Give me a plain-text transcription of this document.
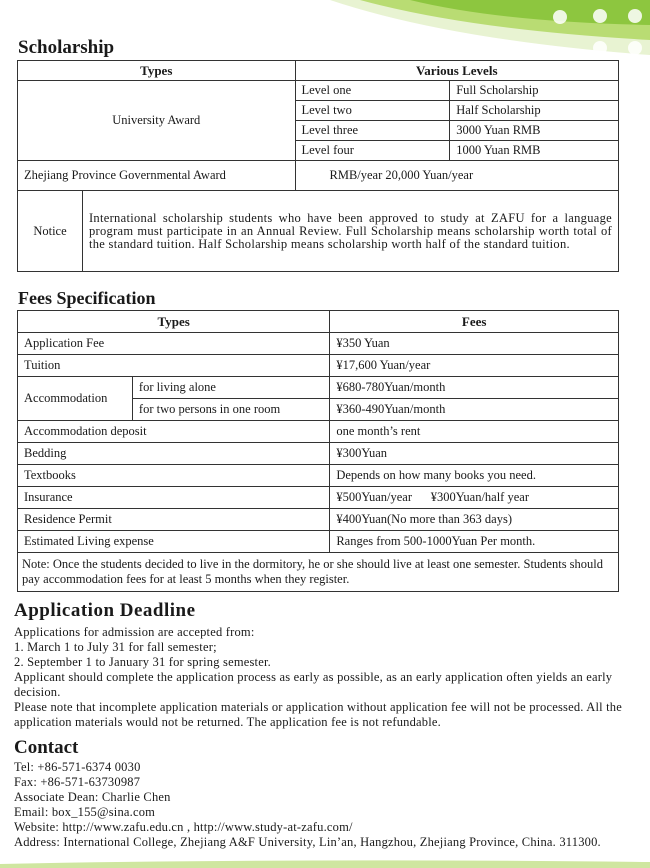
Scholarship
Types		Various Levels	
University Award		Level one	Full Scholarship
		Level two	Half Scholarship
		Level three	3000 Yuan RMB
		Level four	1000 Yuan RMB
Zhejiang Province Governmental Award		RMB/year 20,000 Yuan/year	
Notice	International scholarship students who have been approved to study at ZAFU for a language program must participate in an Annual Review. Full Scholarship means scholarship worth total of the standard tuition. Half Scholarship means scholarship worth half of the standard tuition.		
Fees Specification
Types		Fees
Application Fee		¥350 Yuan
Tuition		¥17,600 Yuan/year
Accommodation	for living alone	¥680-780Yuan/month
	for two persons in one room	¥360-490Yuan/month
Accommodation deposit		one month’s rent
Bedding		¥300Yuan
Textbooks		Depends on how many books you need.
Insurance		¥500Yuan/year      ¥300Yuan/half year
Residence Permit		¥400Yuan(No more than 363 days)
Estimated Living expense		Ranges from 500-1000Yuan Per month.
Note: Once the students decided to live in the dormitory, he or she should live at least one semester. Students should pay accommodation fees for at least 5 months when they register.		
Application Deadline
Applications for admission are accepted from:
1. March 1 to July 31 for fall semester;
2. September 1 to January 31 for spring semester.
Applicant should complete the application process as early as possible, as an early application often yields an early decision.
Please note that incomplete application materials or application without application fee will not be processed. All the application materials would not be returned. The application fee is not refundable.
Contact
Tel: +86-571-6374 0030
Fax: +86-571-63730987
Associate Dean: Charlie Chen
Email: box_155@sina.com
Website: http://www.zafu.edu.cn , http://www.study-at-zafu.com/
Address: International College, Zhejiang A&F University, Lin’an, Hangzhou, Zhejiang Province, China. 311300.
